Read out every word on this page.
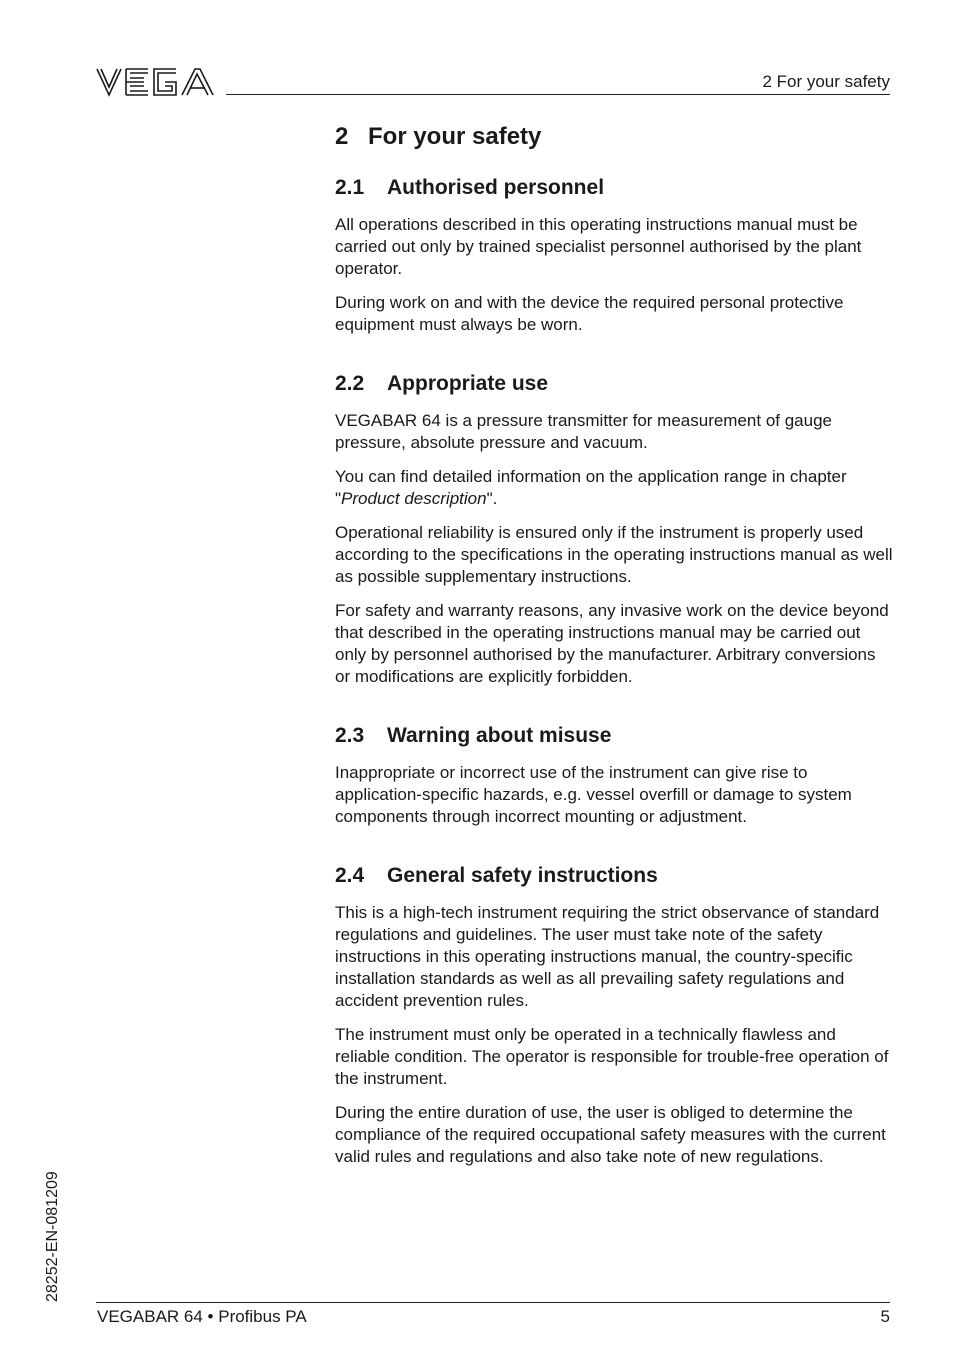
2 For your safety
2 For your safety
2.1 Authorised personnel

All operations described in this operating instructions manual must be carried out only by trained specialist personnel authorised by the plant operator.

During work on and with the device the required personal protective equipment must always be worn.

2.2 Appropriate use

VEGABAR 64 is a pressure transmitter for measurement of gauge pressure, absolute pressure and vacuum.

You can find detailed information on the application range in chapter "Product description".

Operational reliability is ensured only if the instrument is properly used according to the specifications in the operating instructions manual as well as possible supplementary instructions.

For safety and warranty reasons, any invasive work on the device beyond that described in the operating instructions manual may be carried out only by personnel authorised by the manufacturer. Arbitrary conversions or modifications are explicitly forbidden.

2.3 Warning about misuse

Inappropriate or incorrect use of the instrument can give rise to application-specific hazards, e.g. vessel overfill or damage to system components through incorrect mounting or adjustment.

2.4 General safety instructions

This is a high-tech instrument requiring the strict observance of standard regulations and guidelines. The user must take note of the safety instructions in this operating instructions manual, the country-specific installation standards as well as all prevailing safety regulations and accident prevention rules.

The instrument must only be operated in a technically flawless and reliable condition. The operator is responsible for trouble-free operation of the instrument.

During the entire duration of use, the user is obliged to determine the compliance of the required occupational safety measures with the current valid rules and regulations and also take note of new regulations.

28252-EN-081209
VEGABAR 64 • Profibus PA	5
